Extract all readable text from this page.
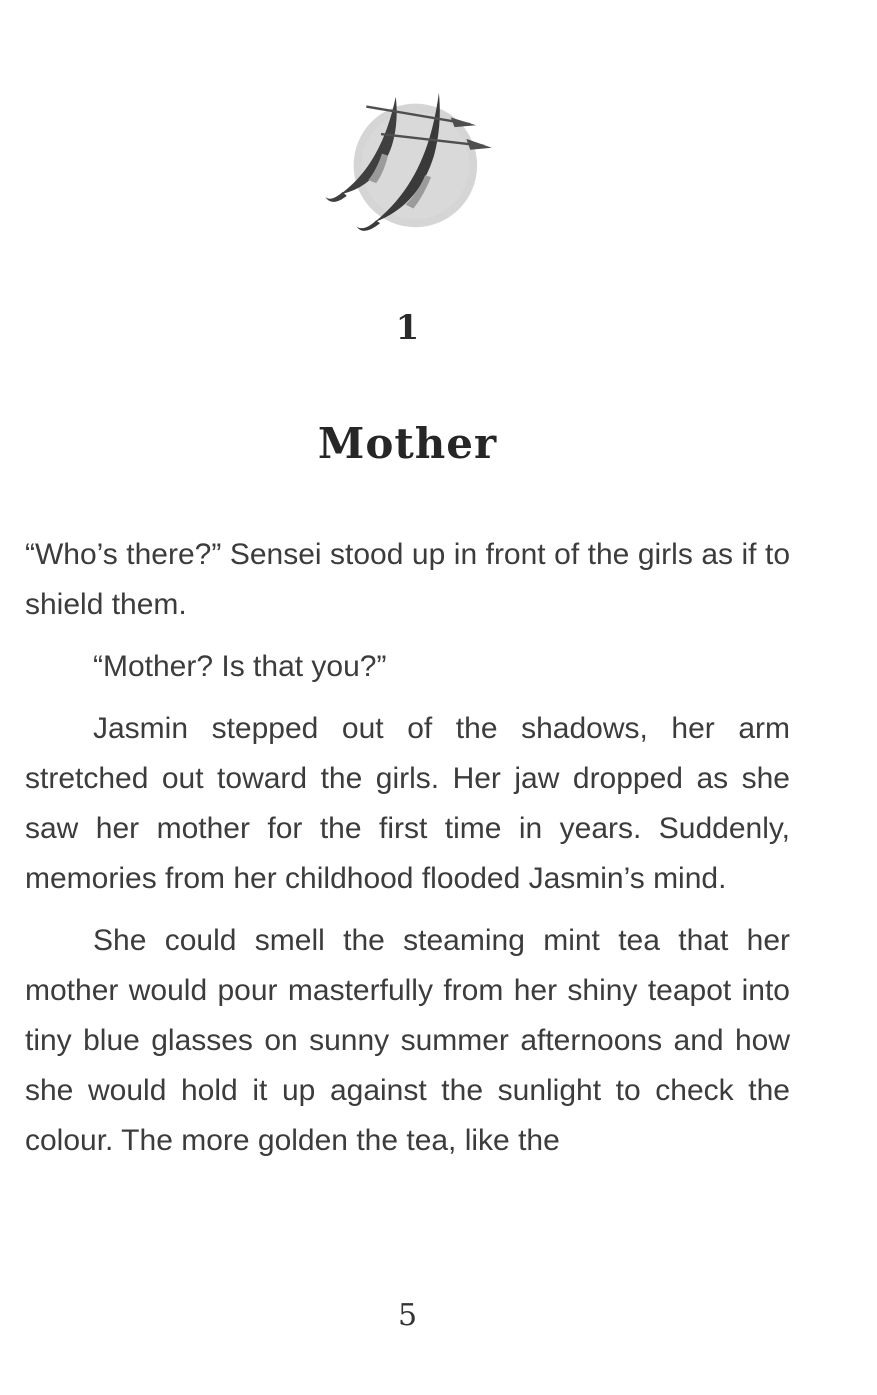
1
Mother

“Who’s there?” Sensei stood up in front of the girls as if to shield them.

“Mother? Is that you?”

Jasmin stepped out of the shadows, her arm stretched out toward the girls. Her jaw dropped as she saw her mother for the first time in years. Suddenly, memories from her childhood flooded Jasmin’s mind.

She could smell the steaming mint tea that her mother would pour masterfully from her shiny teapot into tiny blue glasses on sunny summer afternoons and how she would hold it up against the sunlight to check the colour. The more golden the tea, like the

5
